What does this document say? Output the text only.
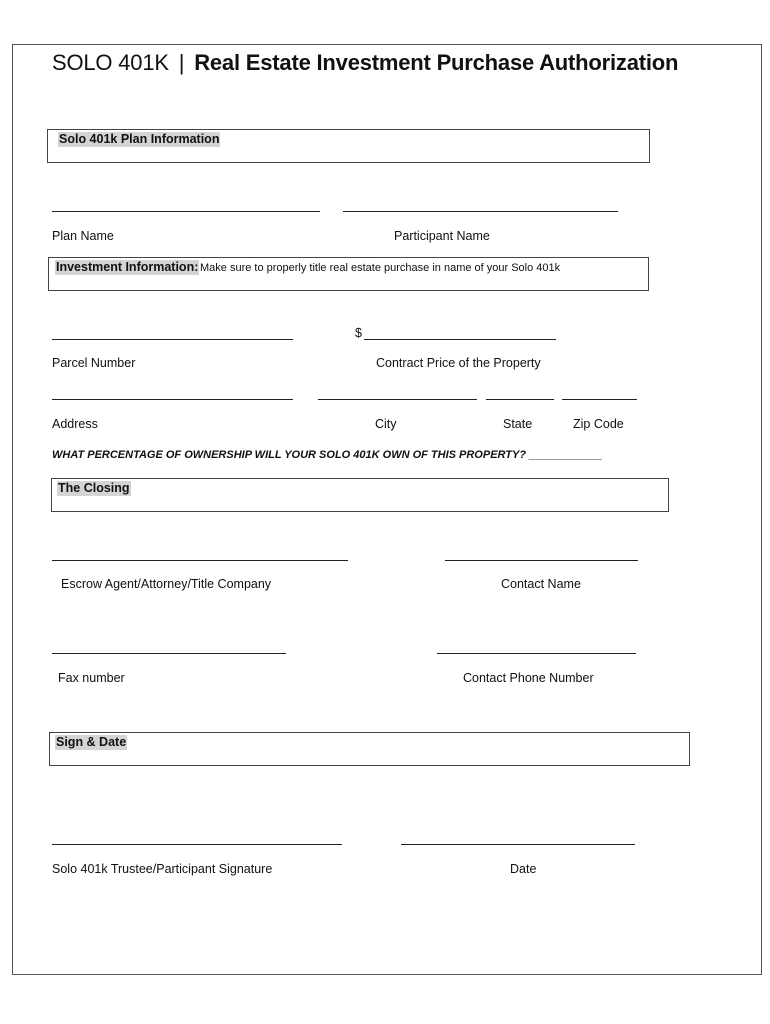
SOLO 401K | Real Estate Investment Purchase Authorization
Solo 401k Plan Information
Plan Name	Participant Name
Investment Information: Make sure to properly title real estate purchase in name of your Solo 401k
$
Parcel Number	Contract Price of the Property
Address	City	State	Zip Code
WHAT PERCENTAGE OF OWNERSHIP WILL YOUR SOLO 401K OWN OF THIS PROPERTY? ____________
The Closing
Escrow Agent/Attorney/Title Company	Contact Name
Fax number	Contact Phone Number
Sign & Date
Solo 401k Trustee/Participant Signature	Date
